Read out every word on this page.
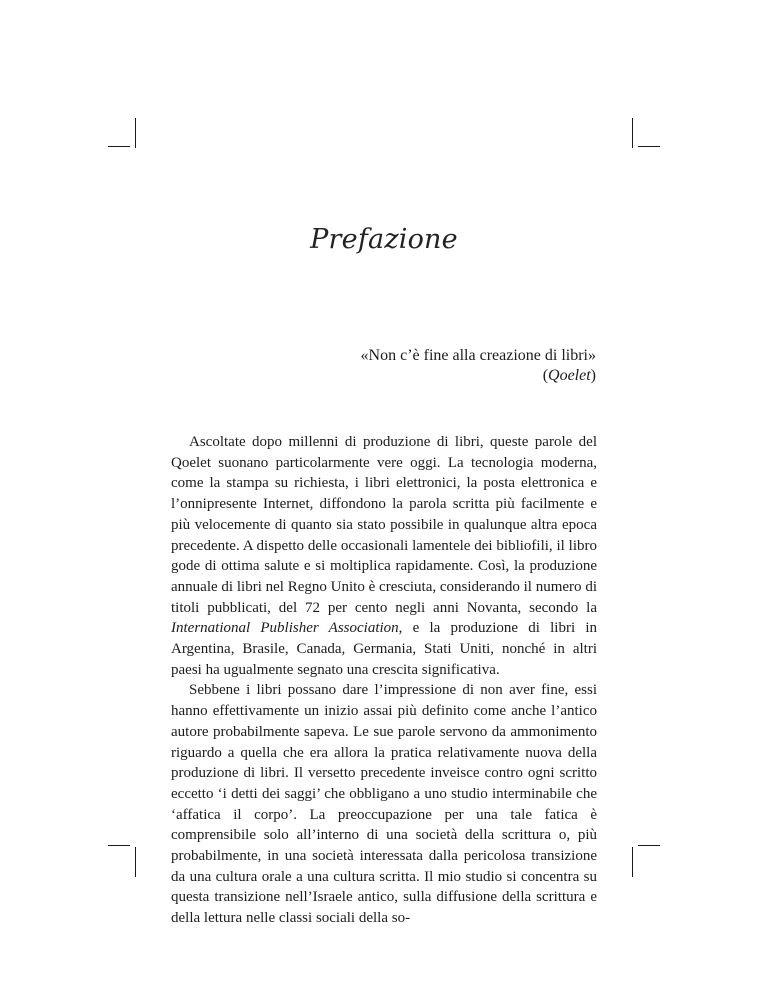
Prefazione
«Non c’è fine alla creazione di libri»
(Qoelet)

Ascoltate dopo millenni di produzione di libri, queste parole del Qoelet suonano particolarmente vere oggi. La tecnologia moderna, come la stampa su richiesta, i libri elettronici, la posta elettronica e l’onnipresente Internet, diffondono la parola scritta più facilmente e più velocemente di quanto sia stato possibile in qualunque altra epoca precedente. A dispetto delle occasionali lamentele dei bibliofili, il libro gode di ottima salute e si moltiplica rapidamente. Così, la produzione annuale di libri nel Regno Unito è cresciuta, considerando il numero di titoli pubblicati, del 72 per cento negli anni Novanta, secondo la International Publisher Association, e la produzione di libri in Argentina, Brasile, Canada, Germania, Stati Uniti, nonché in altri paesi ha ugualmente segnato una crescita significativa.

Sebbene i libri possano dare l’impressione di non aver fine, essi hanno effettivamente un inizio assai più definito come anche l’antico autore probabilmente sapeva. Le sue parole servono da ammonimento riguardo a quella che era allora la pratica relativamente nuova della produzione di libri. Il versetto precedente inveisce contro ogni scritto eccetto ‘i detti dei saggi’ che obbligano a uno studio interminabile che ‘affatica il corpo’. La preoccupazione per una tale fatica è comprensibile solo all’interno di una società della scrittura o, più probabilmente, in una società interessata dalla pericolosa transizione da una cultura orale a una cultura scritta. Il mio studio si concentra su questa transizione nell’Israele antico, sulla diffusione della scrittura e della lettura nelle classi sociali della so-
